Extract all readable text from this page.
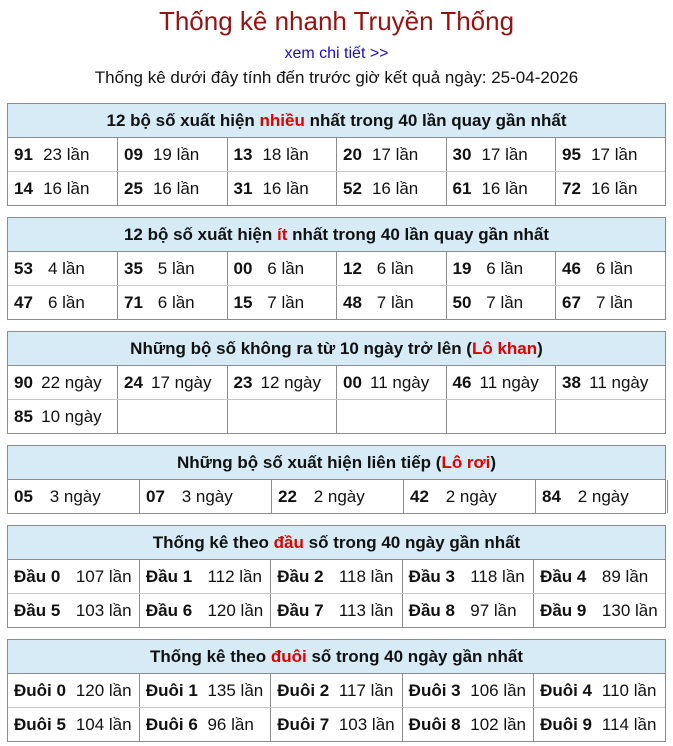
Thống kê nhanh Truyền Thống
xem chi tiết >>
Thống kê dưới đây tính đến trước giờ kết quả ngày: 25-04-2026
12 bộ số xuất hiện nhiều nhất trong 40 lần quay gần nhất
91 23 lần	09 19 lần	13 18 lần	20 17 lần	30 17 lần	95 17 lần
14 16 lần	25 16 lần	31 16 lần	52 16 lần	61 16 lần	72 16 lần
12 bộ số xuất hiện ít nhất trong 40 lần quay gần nhất
53 4 lần	35 5 lần	00 6 lần	12 6 lần	19 6 lần	46 6 lần
47 6 lần	71 6 lần	15 7 lần	48 7 lần	50 7 lần	67 7 lần
Những bộ số không ra từ 10 ngày trở lên (Lô khan)
90 22 ngày	24 17 ngày	23 12 ngày	00 11 ngày	46 11 ngày	38 11 ngày
85 10 ngày					
Những bộ số xuất hiện liên tiếp (Lô rơi)
05 3 ngày	07 3 ngày	22 2 ngày	42 2 ngày	84 2 ngày	
Thống kê theo đầu số trong 40 ngày gần nhất
Đầu 0 107 lần	Đầu 1 112 lần	Đầu 2 118 lần	Đầu 3 118 lần	Đầu 4 89 lần
Đầu 5 103 lần	Đầu 6 120 lần	Đầu 7 113 lần	Đầu 8 97 lần	Đầu 9 130 lần
Thống kê theo đuôi số trong 40 ngày gần nhất
Đuôi 0 120 lần	Đuôi 1 135 lần	Đuôi 2 117 lần	Đuôi 3 106 lần	Đuôi 4 110 lần
Đuôi 5 104 lần	Đuôi 6 96 lần	Đuôi 7 103 lần	Đuôi 8 102 lần	Đuôi 9 114 lần
